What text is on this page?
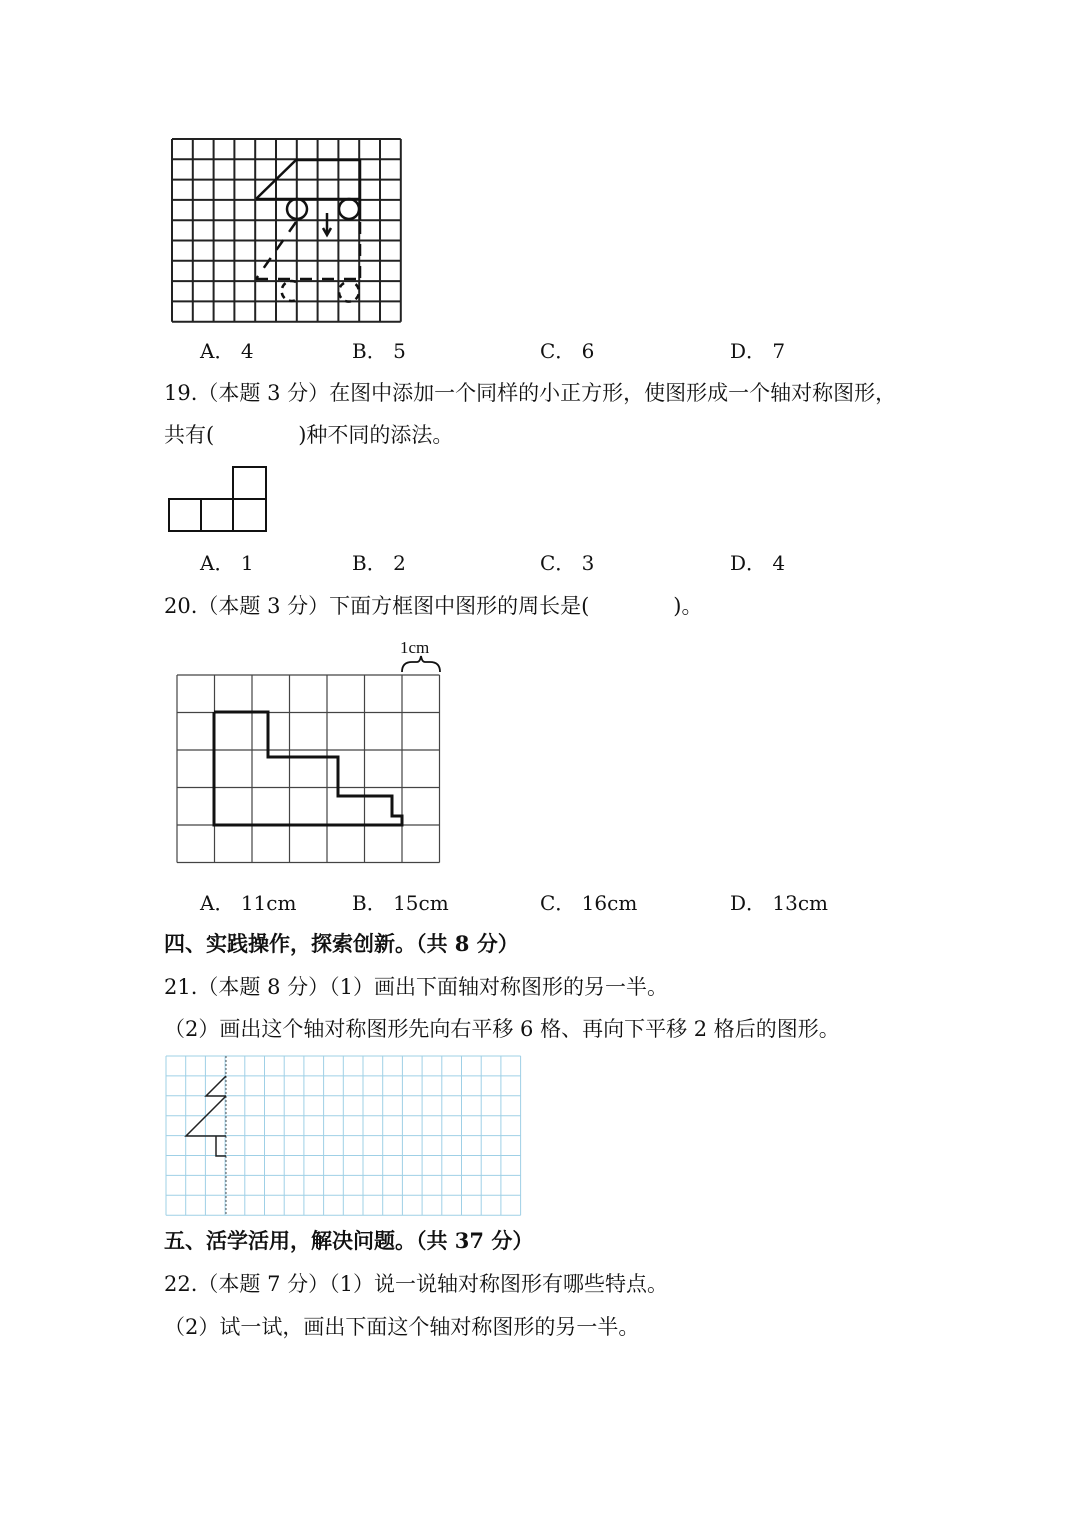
A． 4	B． 5	C． 6	D． 7
19.（本题 3 分）在图中添加一个同样的小正方形，使图形成一个轴对称图形，
共有(　　　　)种不同的添法。
A． 1	B． 2	C． 3	D． 4
20.（本题 3 分）下面方框图中图形的周长是(　　　　)。
1cm
A． 11cm	B． 15cm	C． 16cm	D． 13cm
四、实践操作，探索创新。（共 8 分）
21.（本题 8 分）（1）画出下面轴对称图形的另一半。
（2）画出这个轴对称图形先向右平移 6 格、再向下平移 2 格后的图形。
五、活学活用，解决问题。（共 37 分）
22.（本题 7 分）（1）说一说轴对称图形有哪些特点。
（2）试一试，画出下面这个轴对称图形的另一半。
